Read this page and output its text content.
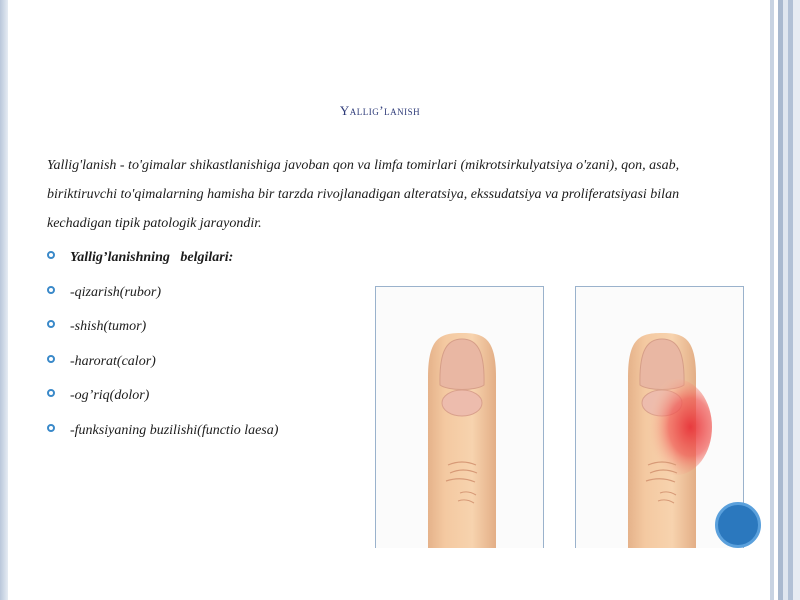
Yallig’lanish
Yallig'lanish - to'gimalar shikastlanishiga javoban qon va limfa tomirlari (mikrotsirkulyatsiya o'zani), qon, asab, biriktiruvchi to'qimalarning hamisha bir tarzda rivojlanadigan alteratsiya, ekssudatsiya va proliferatsiyasi bilan kechadigan tipik patologik jarayondir.
Yallig’lanishning   belgilari:
-qizarish(rubor)
-shish(tumor)
-harorat(calor)
-og’riq(dolor)
-funksiyaning buzilishi(functio laesa)
